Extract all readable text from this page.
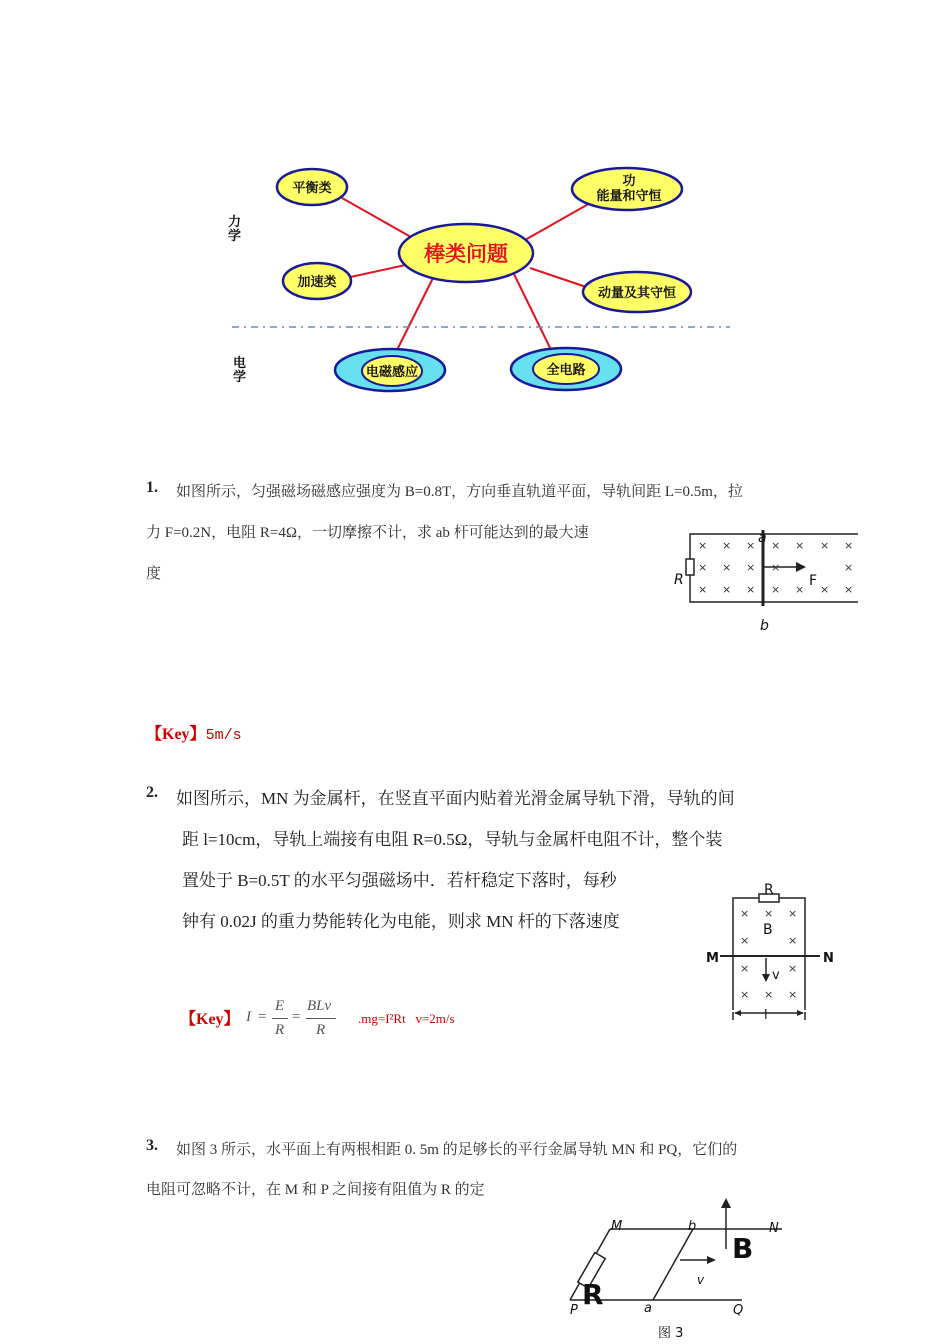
棒类问题
平衡类
加速类
功
能量和守恒
动量及其守恒
电磁感应	全电路
力学
电学
1. 如图所示，匀强磁场磁感应强度为 B=0.8T，方向垂直轨道平面，导轨间距 L=0.5m，拉
力 F=0.2N，电阻 R=4Ω，一切摩擦不计，求 ab 杆可能达到的最大速
度
× × × × × × ×
× × × ×	×
× × × × × × ×
R	F
a
b
【Key】5m/s
2. 如图所示，MN 为金属杆，在竖直平面内贴着光滑金属导轨下滑，导轨的间
距 l=10cm，导轨上端接有电阻 R=0.5Ω，导轨与金属杆电阻不计，整个装
置处于 B=0.5T 的水平匀强磁场中．若杆稳定下落时，每秒
钟有 0.02J 的重力势能转化为电能，则求 MN 杆的下落速度	× × ×
×	×
×	×
× × ×
R
B
M	N
v
l
【Key】 I =
E
R
=
BLv
R
.mg=I²Rt   v=2m/s
3. 如图 3 所示，水平面上有两根相距 0. 5m 的足够长的平行金属导轨 MN 和 PQ，它们的
电阻可忽略不计，在 M 和 P 之间接有阻值为 R 的定
M	N
P	Q
a
b
v
B
R
图 3
